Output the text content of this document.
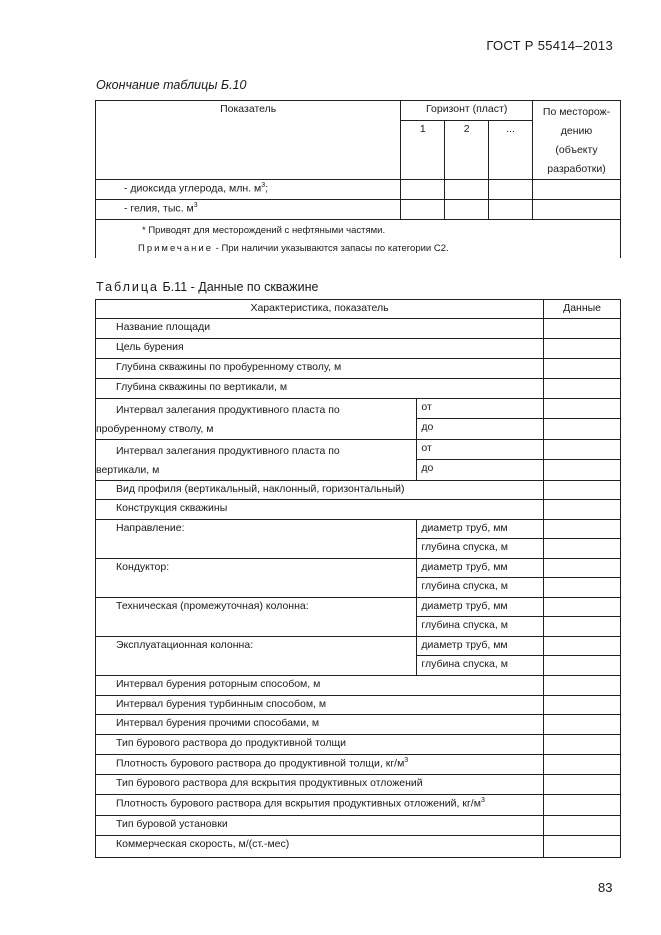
ГОСТ Р 55414–2013
Окончание таблицы Б.10
Показатель	Горизонт (пласт)			По месторож-
дению
(объекту
разработки)
	1	2	...	
- диоксида углерода, млн. $м^3$;				
- гелия, тыс. $м^3$				

* Приводят для месторождений с нефтяными частями.
Примечание - При наличии указываются запасы по категории С2.				
Таблица Б.11 - Данные по скважине
Характеристика, показатель		Данные
Название площади		
Цель бурения		
Глубина скважины по пробуренному стволу, м		
Глубина скважины по вертикали, м		

Интервал залегания продуктивного пласта по
пробуренному стволу, м	от	
	до	

Интервал залегания продуктивного пласта по
вертикали, м	от	
	до	
Вид профиля (вертикальный, наклонный, горизонтальный)		
Конструкция скважины		
Направление:	диаметр труб, мм	
	глубина спуска, м	
Кондуктор:	диаметр труб, мм	
	глубина спуска, м	
Техническая (промежуточная) колонна:	диаметр труб, мм	
	глубина спуска, м	
Эксплуатационная колонна:	диаметр труб, мм	
	глубина спуска, м	
Интервал бурения роторным способом, м		
Интервал бурения турбинным способом, м		
Интервал бурения прочими способами, м		
Тип бурового раствора до продуктивной толщи		
Плотность бурового раствора до продуктивной толщи, $кг/м^3$	
Тип бурового раствора для вскрытия продуктивных отложений		
Плотность бурового раствора для вскрытия продуктивных отложений, $кг/м^3$	
Тип буровой установки		
Коммерческая скорость, м/(ст.-мес)		
83
